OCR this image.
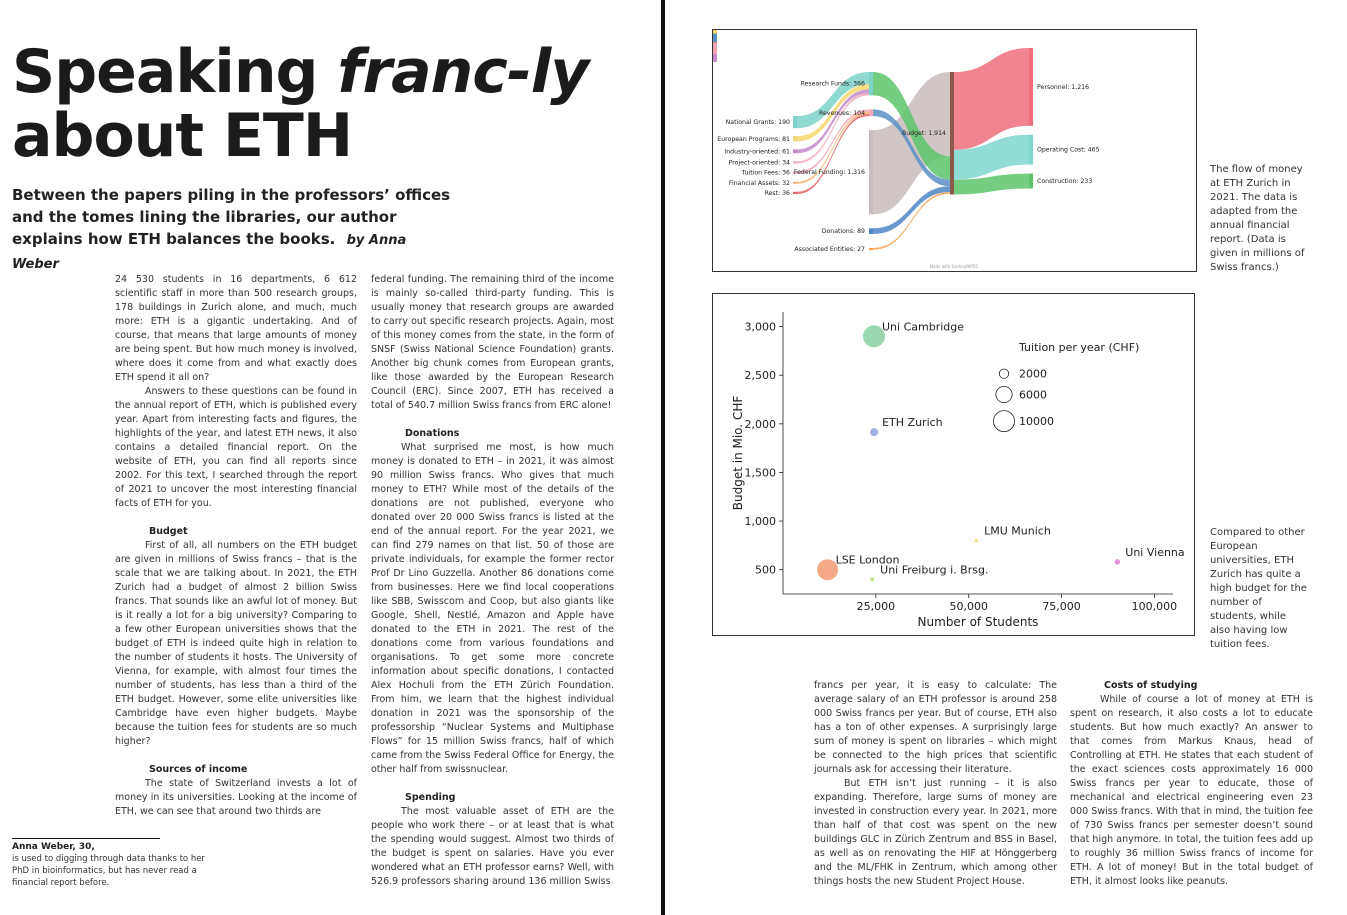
Speaking franc-ly
about ETH
Between the papers piling in the professors’ offices and the tomes lining the libraries, our author explains how ETH balances the books. by Anna Weber

24 530 students in 16 departments, 6 612 scientific staff in more than 500 research groups, 178 buildings in Zurich alone, and much, much more: ETH is a gigantic undertaking. And of course, that means that large amounts of money are being spent. But how much money is involved, where does it come from and what exactly does ETH spend it all on?

Answers to these questions can be found in the annual report of ETH, which is published every year. Apart from interesting facts and figures, the highlights of the year, and latest ETH news, it also contains a detailed financial report. On the website of ETH, you can find all reports since 2002. For this text, I searched through the report of 2021 to uncover the most interesting financial facts of ETH for you.

Budget

First of all, all numbers on the ETH budget are given in millions of Swiss francs – that is the scale that we are talking about. In 2021, the ETH Zurich had a budget of almost 2 billion Swiss francs. That sounds like an awful lot of money. But is it really a lot for a big university? Comparing to a few other European universities shows that the budget of ETH is indeed quite high in relation to the number of students it hosts. The University of Vienna, for example, with almost four times the number of students, has less than a third of the ETH budget. However, some elite universities like Cambridge have even higher budgets. Maybe because the tuition fees for students are so much higher?

Sources of income

The state of Switzerland invests a lot of money in its universities. Looking at the income of ETH, we can see that around two thirds are

federal funding. The remaining third of the income is mainly so-called third-party funding. This is usually money that research groups are awarded to carry out specific research projects. Again, most of this money comes from the state, in the form of SNSF (Swiss National Science Foundation) grants. Another big chunk comes from European grants, like those awarded by the European Research Council (ERC). Since 2007, ETH has received a total of 540.7 million Swiss francs from ERC alone!

Donations

What surprised me most, is how much money is donated to ETH – in 2021, it was almost 90 million Swiss francs. Who gives that much money to ETH? While most of the details of the donations are not published, everyone who donated over 20 000 Swiss francs is listed at the end of the annual report. For the year 2021, we can find 279 names on that list. 50 of those are private individuals, for example the former rector Prof Dr Lino Guzzella. Another 86 donations come from businesses. Here we find local cooperations like SBB, Swisscom and Coop, but also giants like Google, Shell, Nestlé, Amazon and Apple have donated to the ETH in 2021. The rest of the donations come from various foundations and organisations. To get some more concrete information about specific donations, I contacted Alex Hochuli from the ETH Zürich Foundation. From him, we learn that the highest individual donation in 2021 was the sponsorship of the professorship “Nuclear Systems and Multiphase Flows” for 15 million Swiss francs, half of which came from the Swiss Federal Office for Energy, the other half from swissnuclear.

Spending

The most valuable asset of ETH are the people who work there – or at least that is what the spending would suggest. Almost two thirds of the budget is spent on salaries. Have you ever wondered what an ETH professor earns? Well, with 526.9 professors sharing around 136 million Swiss

Anna Weber, 30,
is used to digging through data thanks to her PhD in bioinformatics, but has never read a financial report before.
National Grants: 190
Research Funds: 366
European Programs: 81
Industry-oriented: 61
Project-oriented: 34
Tuition Fees: 36
Revenues: 104
Financial Assets: 32
Rest: 36
Federal Funding: 1,316
Budget: 1,914
Donations: 89
Associated Entities: 27
Personnel: 1,216
Operating Cost: 465
Construction: 233
Made with SankeyMATIC
The flow of money at ETH Zurich in 2021. The data is adapted from the annual financial report. (Data is given in millions of Swiss francs.)
25,000	50,000	75,000	100,000
500
1,000
1,500
2,000
2,500
3,000
Number of Students
Budget in Mio. CHF
Uni Cambridge
ETH Zurich
LMU Munich
Uni Vienna
LSE London
Uni Freiburg i. Brsg.
Tuition per year (CHF)
2000
6000
10000
Compared to other European universities, ETH Zurich has quite a high budget for the number of students, while also having low tuition fees.

francs per year, it is easy to calculate: The average salary of an ETH professor is around 258 000 Swiss francs per year. But of course, ETH also has a ton of other expenses. A surprisingly large sum of money is spent on libraries – which might be connected to the high prices that scientific journals ask for accessing their literature.

But ETH isn’t just running – it is also expanding. Therefore, large sums of money are invested in construction every year. In 2021, more than half of that cost was spent on the new buildings GLC in Zürich Zentrum and BSS in Basel, as well as on renovating the HIF at Hönggerberg and the ML/FHK in Zentrum, which among other things hosts the new Student Project House.

Costs of studying

While of course a lot of money at ETH is spent on research, it also costs a lot to educate students. But how much exactly? An answer to that comes from Markus Knaus, head of Controlling at ETH. He states that each student of the exact sciences costs approximately 16 000 Swiss francs per year to educate, those of mechanical and electrical engineering even 23 000 Swiss francs. With that in mind, the tuition fee of 730 Swiss francs per semester doesn’t sound that high anymore. In total, the tuition fees add up to roughly 36 million Swiss francs of income for ETH. A lot of money! But in the total budget of ETH, it almost looks like peanuts.
